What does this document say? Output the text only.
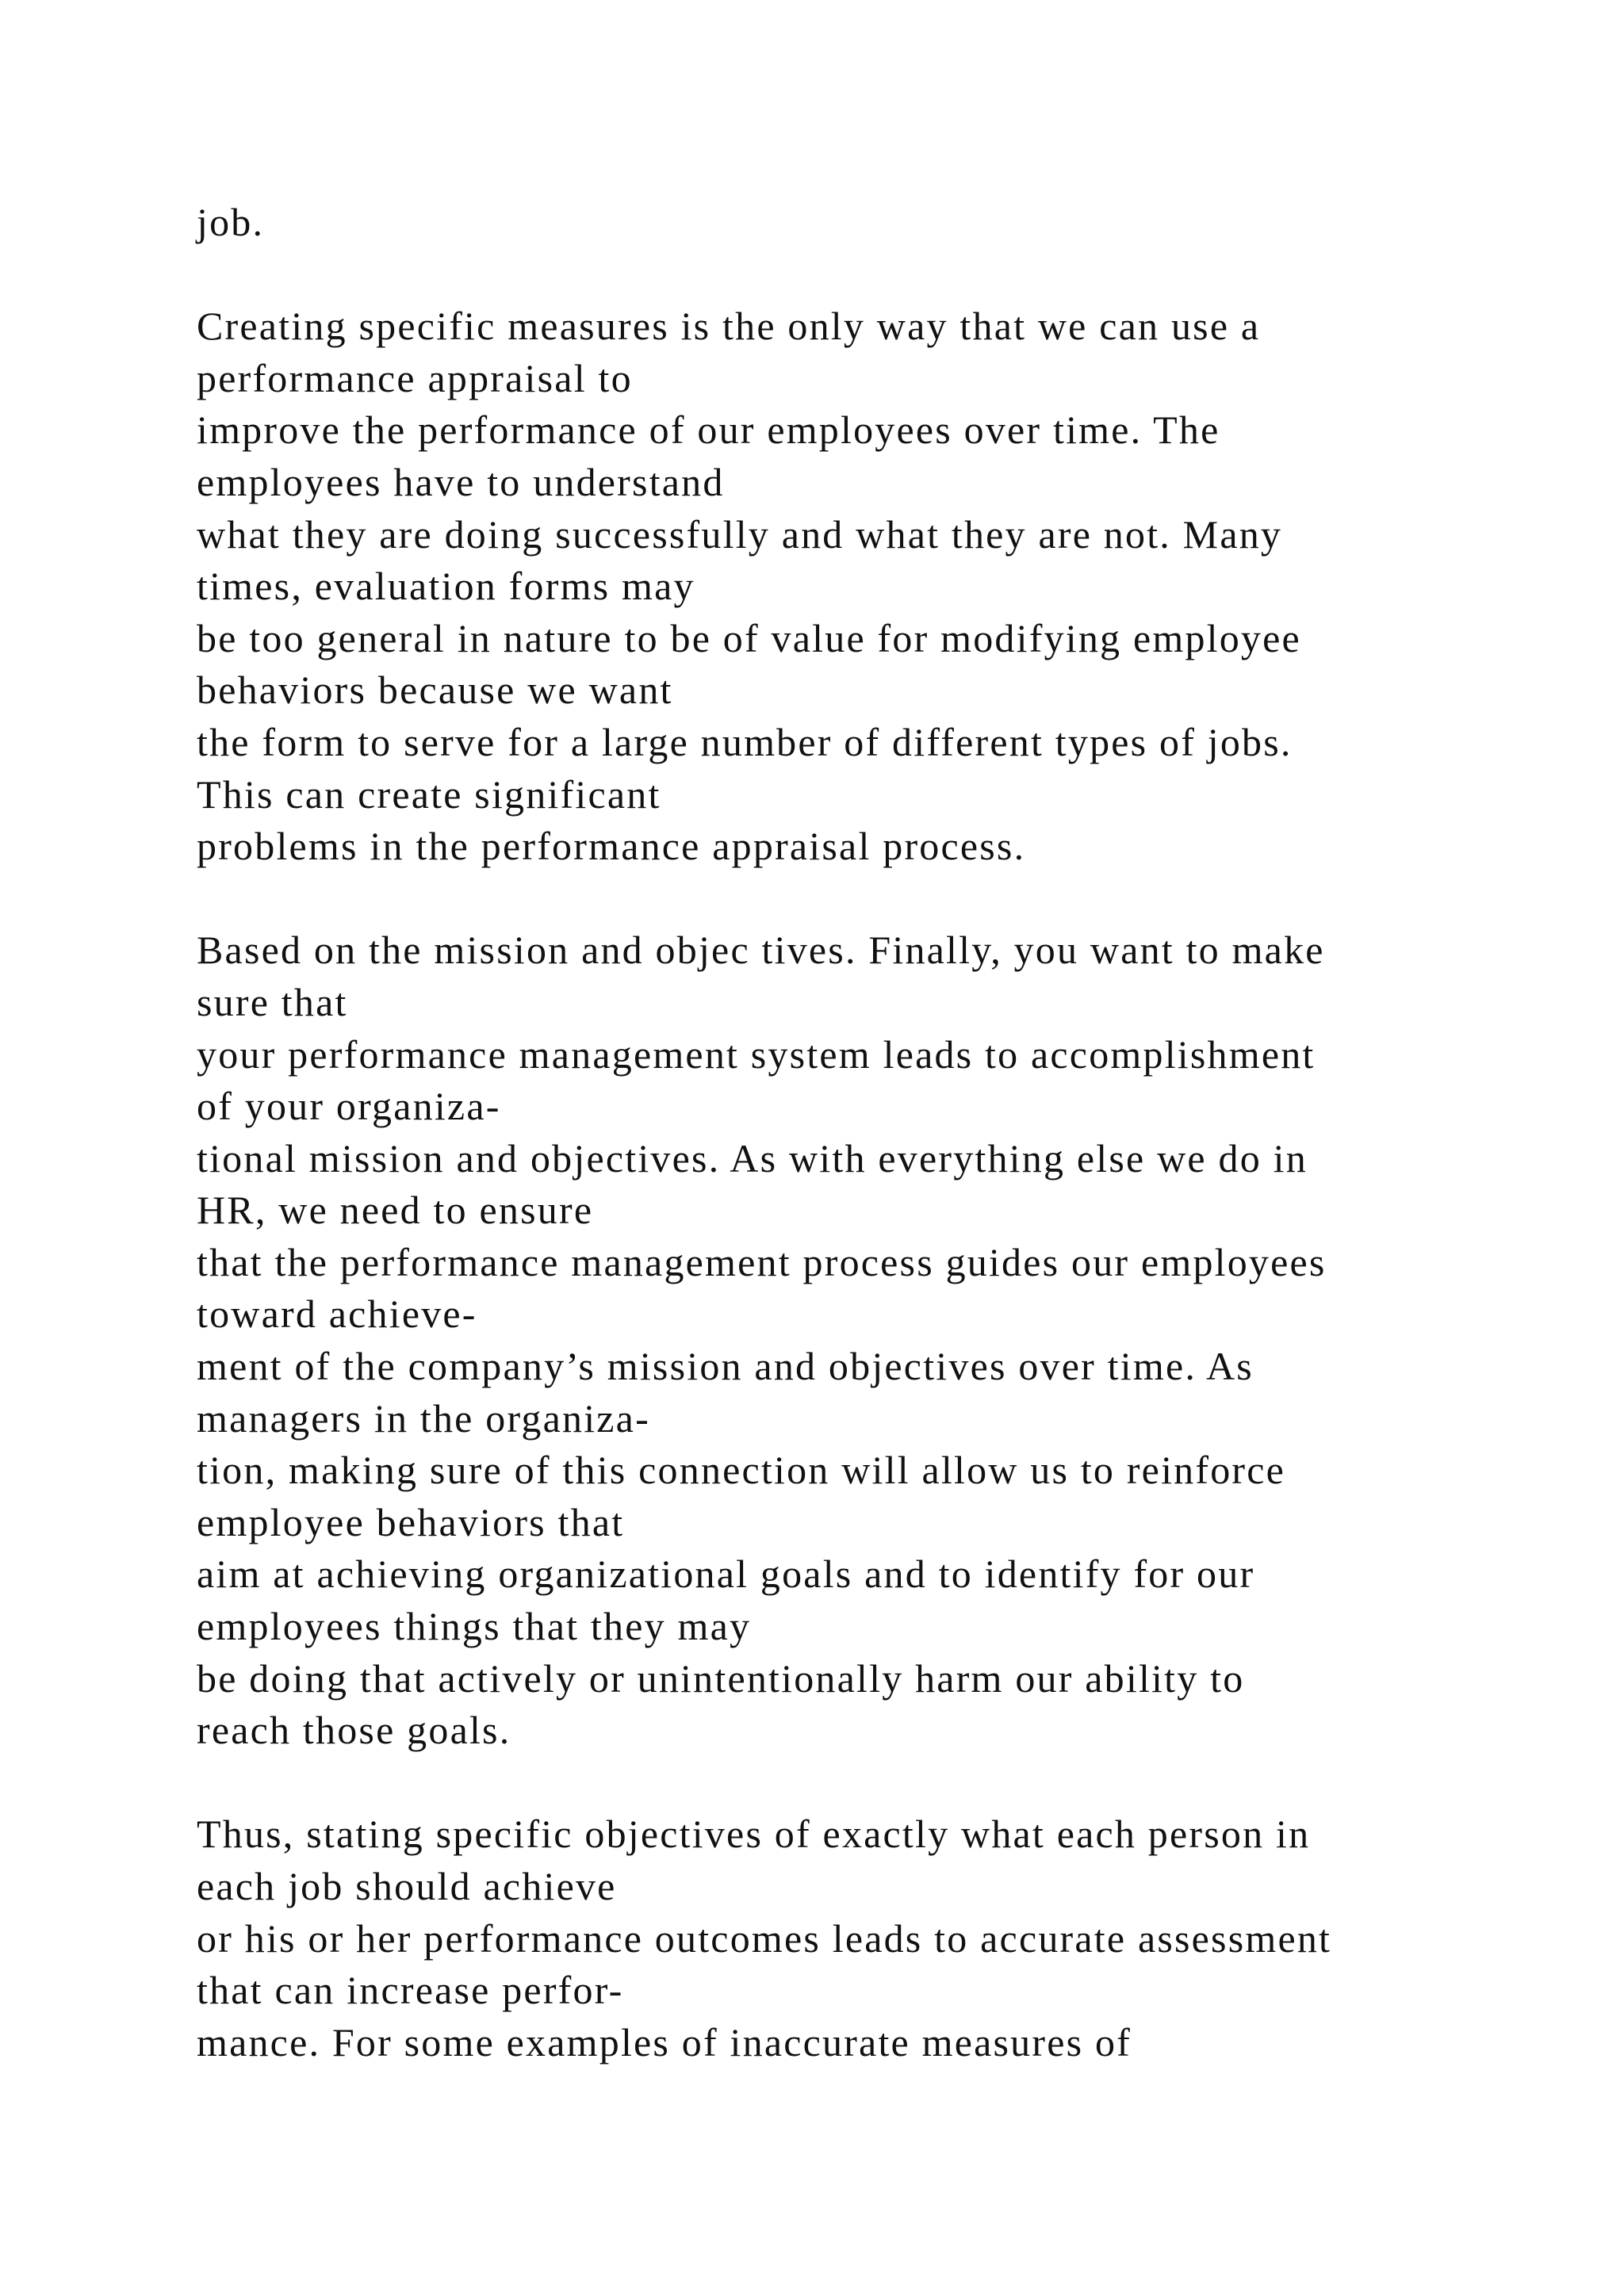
job.
Creating specific measures is the only way that we can use a
performance appraisal to
improve the performance of our employees over time. The
employees have to understand
what they are doing successfully and what they are not. Many
times, evaluation forms may
be too general in nature to be of value for modifying employee
behaviors because we want
the form to serve for a large number of different types of jobs.
This can create significant
problems in the performance appraisal process.
Based on the mission and objec tives. Finally, you want to make
sure that
your performance management system leads to accomplishment
of your organiza-
tional mission and objectives. As with everything else we do in
HR, we need to ensure
that the performance management process guides our employees
toward achieve-
ment of the company’s mission and objectives over time. As
managers in the organiza-
tion, making sure of this connection will allow us to reinforce
employee behaviors that
aim at achieving organizational goals and to identify for our
employees things that they may
be doing that actively or unintentionally harm our ability to
reach those goals.
Thus, stating specific objectives of exactly what each person in
each job should achieve
or his or her performance outcomes leads to accurate assessment
that can increase perfor-
mance. For some examples of inaccurate measures of
